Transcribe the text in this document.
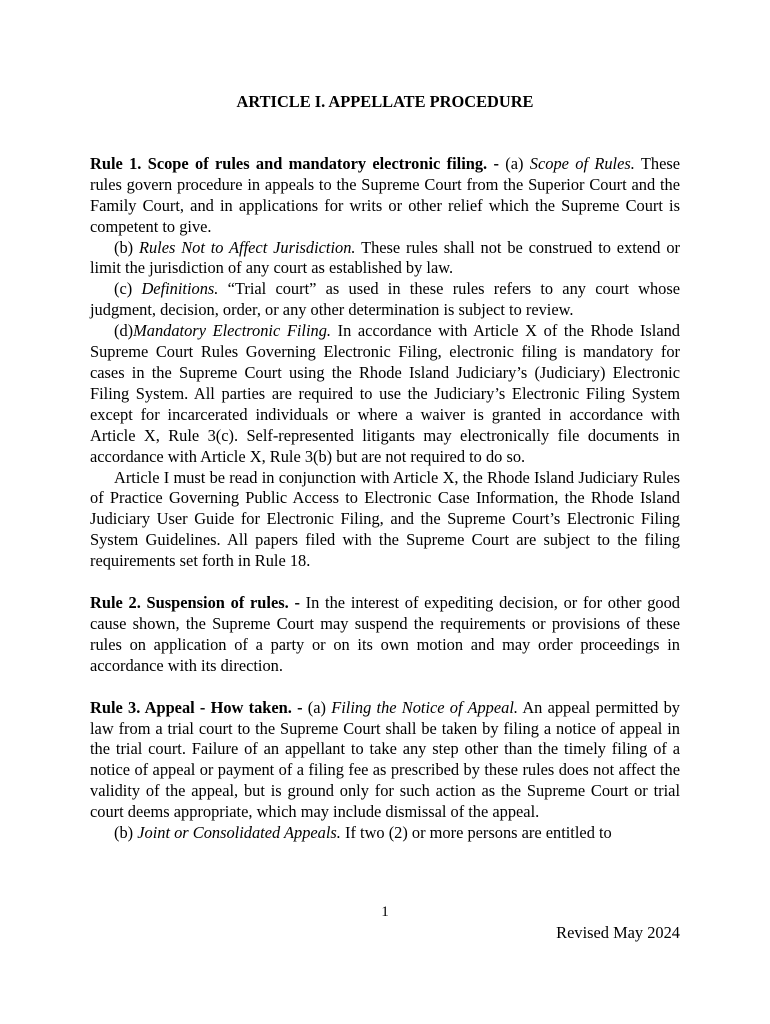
ARTICLE I. APPELLATE PROCEDURE

Rule 1. Scope of rules and mandatory electronic filing. - (a) Scope of Rules. These rules govern procedure in appeals to the Supreme Court from the Superior Court and the Family Court, and in applications for writs or other relief which the Supreme Court is competent to give.

(b) Rules Not to Affect Jurisdiction. These rules shall not be construed to extend or limit the jurisdiction of any court as established by law.

(c) Definitions. “Trial court” as used in these rules refers to any court whose judgment, decision, order, or any other determination is subject to review.

(d)Mandatory Electronic Filing. In accordance with Article X of the Rhode Island Supreme Court Rules Governing Electronic Filing, electronic filing is mandatory for cases in the Supreme Court using the Rhode Island Judiciary’s (Judiciary) Electronic Filing System. All parties are required to use the Judiciary’s Electronic Filing System except for incarcerated individuals or where a waiver is granted in accordance with Article X, Rule 3(c). Self-represented litigants may electronically file documents in accordance with Article X, Rule 3(b) but are not required to do so.

Article I must be read in conjunction with Article X, the Rhode Island Judiciary Rules of Practice Governing Public Access to Electronic Case Information, the Rhode Island Judiciary User Guide for Electronic Filing, and the Supreme Court’s Electronic Filing System Guidelines. All papers filed with the Supreme Court are subject to the filing requirements set forth in Rule 18.

Rule 2. Suspension of rules. - In the interest of expediting decision, or for other good cause shown, the Supreme Court may suspend the requirements or provisions of these rules on application of a party or on its own motion and may order proceedings in accordance with its direction.

Rule 3. Appeal - How taken. - (a) Filing the Notice of Appeal. An appeal permitted by law from a trial court to the Supreme Court shall be taken by filing a notice of appeal in the trial court. Failure of an appellant to take any step other than the timely filing of a notice of appeal or payment of a filing fee as prescribed by these rules does not affect the validity of the appeal, but is ground only for such action as the Supreme Court or trial court deems appropriate, which may include dismissal of the appeal.

(b) Joint or Consolidated Appeals. If two (2) or more persons are entitled to

1
Revised May 2024
